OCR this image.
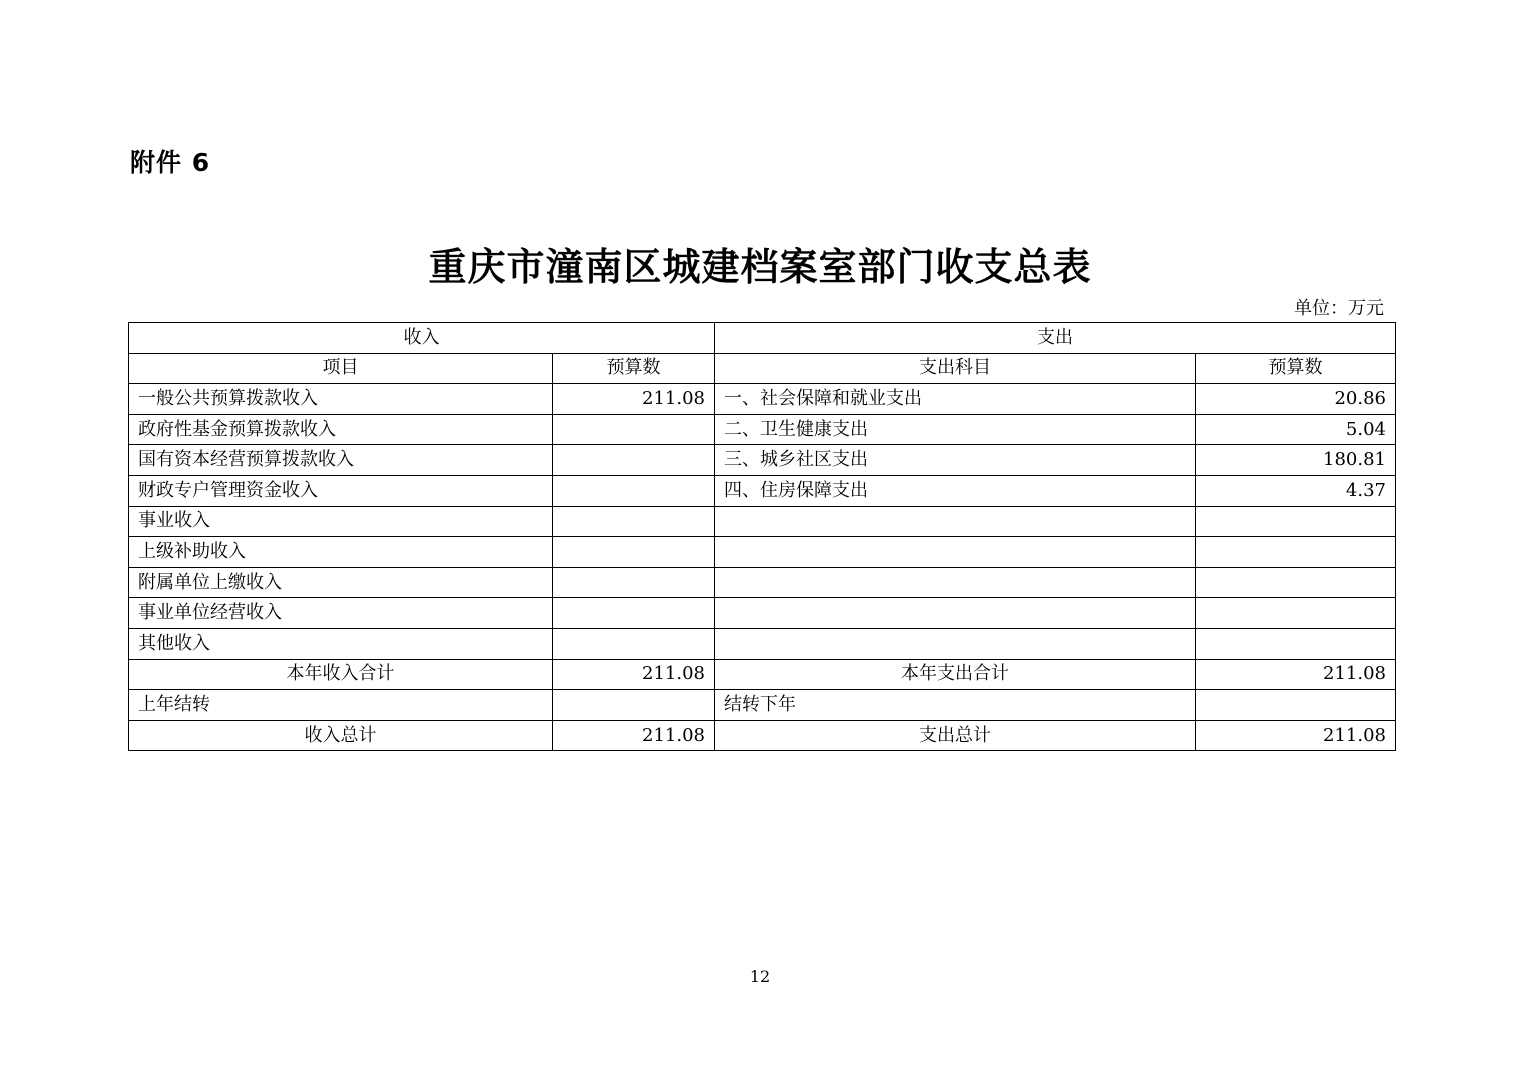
附件 6
重庆市潼南区城建档案室部门收支总表
单位：万元
收入		支出	
项目	预算数	支出科目	预算数
一般公共预算拨款收入	211.08	一、社会保障和就业支出	20.86
政府性基金预算拨款收入		二、卫生健康支出	5.04
国有资本经营预算拨款收入		三、城乡社区支出	180.81
财政专户管理资金收入		四、住房保障支出	4.37
事业收入			
上级补助收入			
附属单位上缴收入			
事业单位经营收入			
其他收入			
本年收入合计	211.08	本年支出合计	211.08
上年结转		结转下年	
收入总计	211.08	支出总计	211.08
12
